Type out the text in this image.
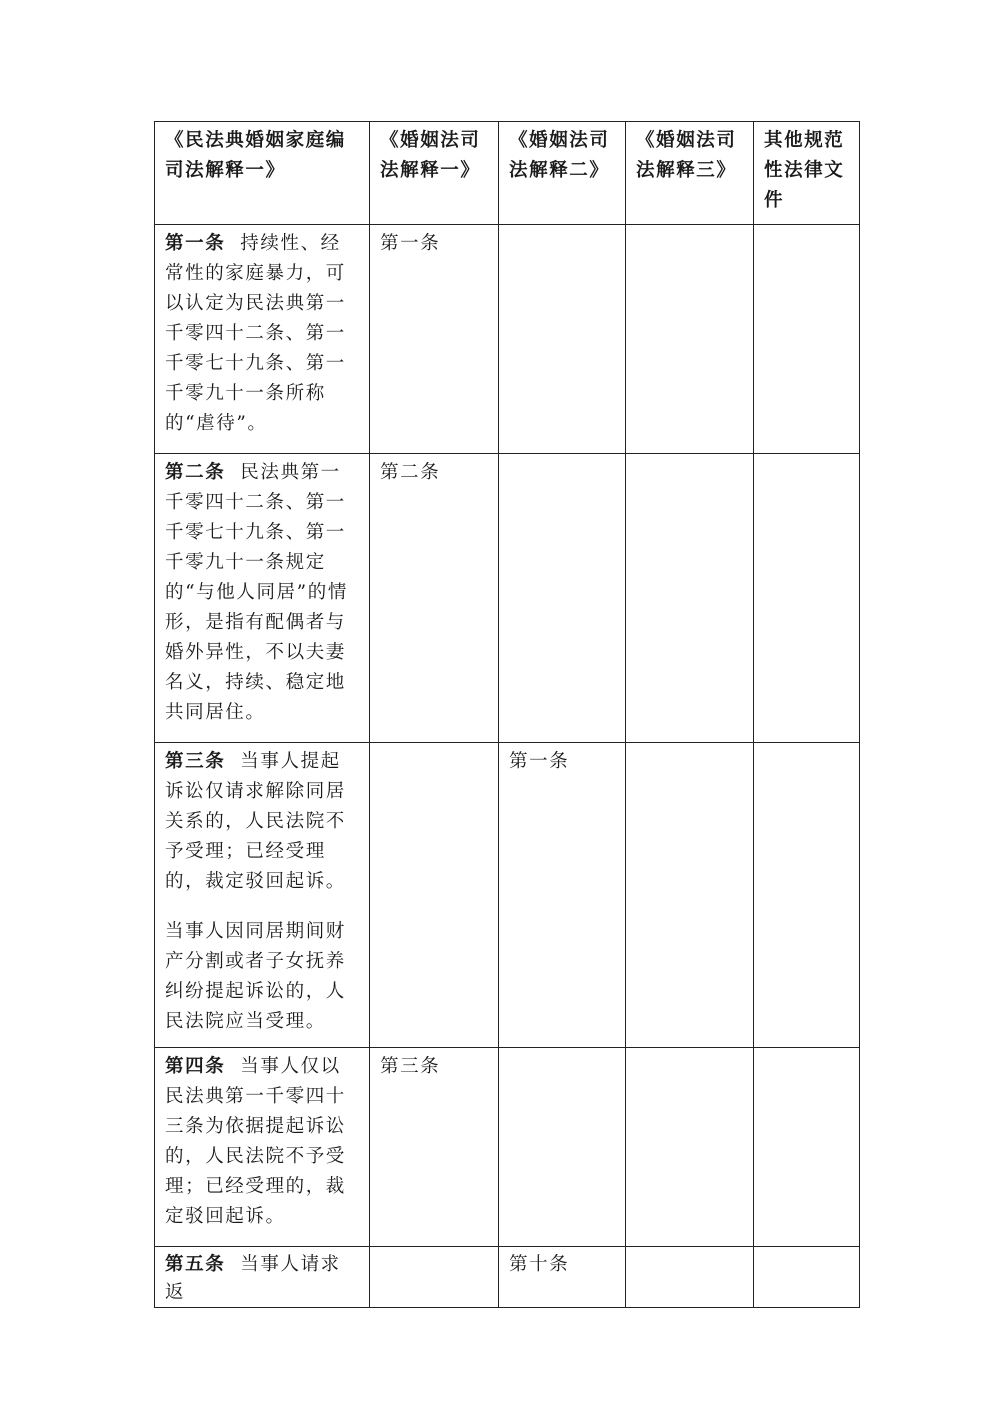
《民法典婚姻家庭编司法解释一》	《婚姻法司法解释一》	《婚姻法司法解释二》	《婚姻法司法解释三》	其他规范性法律文件

第一条 持续性、经常性的家庭暴力，可以认定为民法典第一千零四十二条、第一千零七十九条、第一千零九十一条所称的“虐待”。	第一条			

第二条 民法典第一千零四十二条、第一千零七十九条、第一千零九十一条规定的“与他人同居”的情形，是指有配偶者与婚外异性，不以夫妻名义，持续、稳定地共同居住。	第二条			

第三条 当事人提起诉讼仅请求解除同居关系的，人民法院不予受理；已经受理的，裁定驳回起诉。

当事人因同居期间财产分割或者子女抚养纠纷提起诉讼的，人民法院应当受理。		第一条		

第四条 当事人仅以民法典第一千零四十三条为依据提起诉讼的，人民法院不予受理；已经受理的，裁定驳回起诉。	第三条			

第五条 当事人请求返		第十条		
